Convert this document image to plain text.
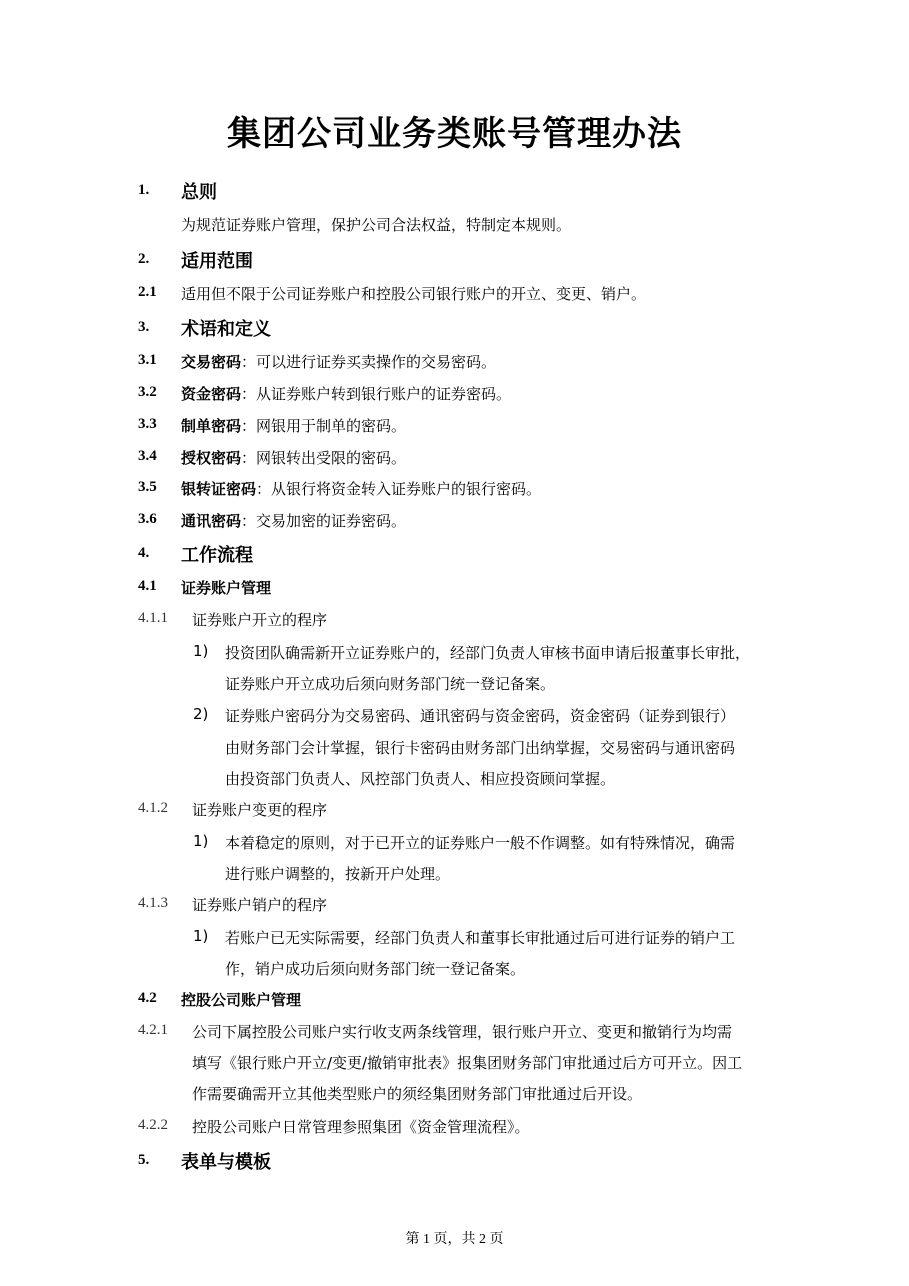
集团公司业务类账号管理办法
1. 总则
为规范证券账户管理，保护公司合法权益，特制定本规则。
2. 适用范围
2.1 适用但不限于公司证券账户和控股公司银行账户的开立、变更、销户。
3. 术语和定义
3.1 交易密码：可以进行证券买卖操作的交易密码。
3.2 资金密码：从证券账户转到银行账户的证券密码。
3.3 制单密码：网银用于制单的密码。
3.4 授权密码：网银转出受限的密码。
3.5 银转证密码：从银行将资金转入证券账户的银行密码。
3.6 通讯密码：交易加密的证券密码。
4. 工作流程
4.1 证券账户管理
4.1.1 证券账户开立的程序
1) 投资团队确需新开立证券账户的，经部门负责人审核书面申请后报董事长审批，
证券账户开立成功后须向财务部门统一登记备案。
2) 证券账户密码分为交易密码、通讯密码与资金密码，资金密码（证券到银行）
由财务部门会计掌握，银行卡密码由财务部门出纳掌握，交易密码与通讯密码
由投资部门负责人、风控部门负责人、相应投资顾问掌握。
4.1.2 证券账户变更的程序
1) 本着稳定的原则，对于已开立的证券账户一般不作调整。如有特殊情况，确需
进行账户调整的，按新开户处理。
4.1.3 证券账户销户的程序
1) 若账户已无实际需要，经部门负责人和董事长审批通过后可进行证券的销户工
作，销户成功后须向财务部门统一登记备案。
4.2 控股公司账户管理
4.2.1 公司下属控股公司账户实行收支两条线管理，银行账户开立、变更和撤销行为均需
填写《银行账户开立/变更/撤销审批表》报集团财务部门审批通过后方可开立。因工
作需要确需开立其他类型账户的须经集团财务部门审批通过后开设。
4.2.2 控股公司账户日常管理参照集团《资金管理流程》。
5. 表单与模板
第 1 页，共 2 页
